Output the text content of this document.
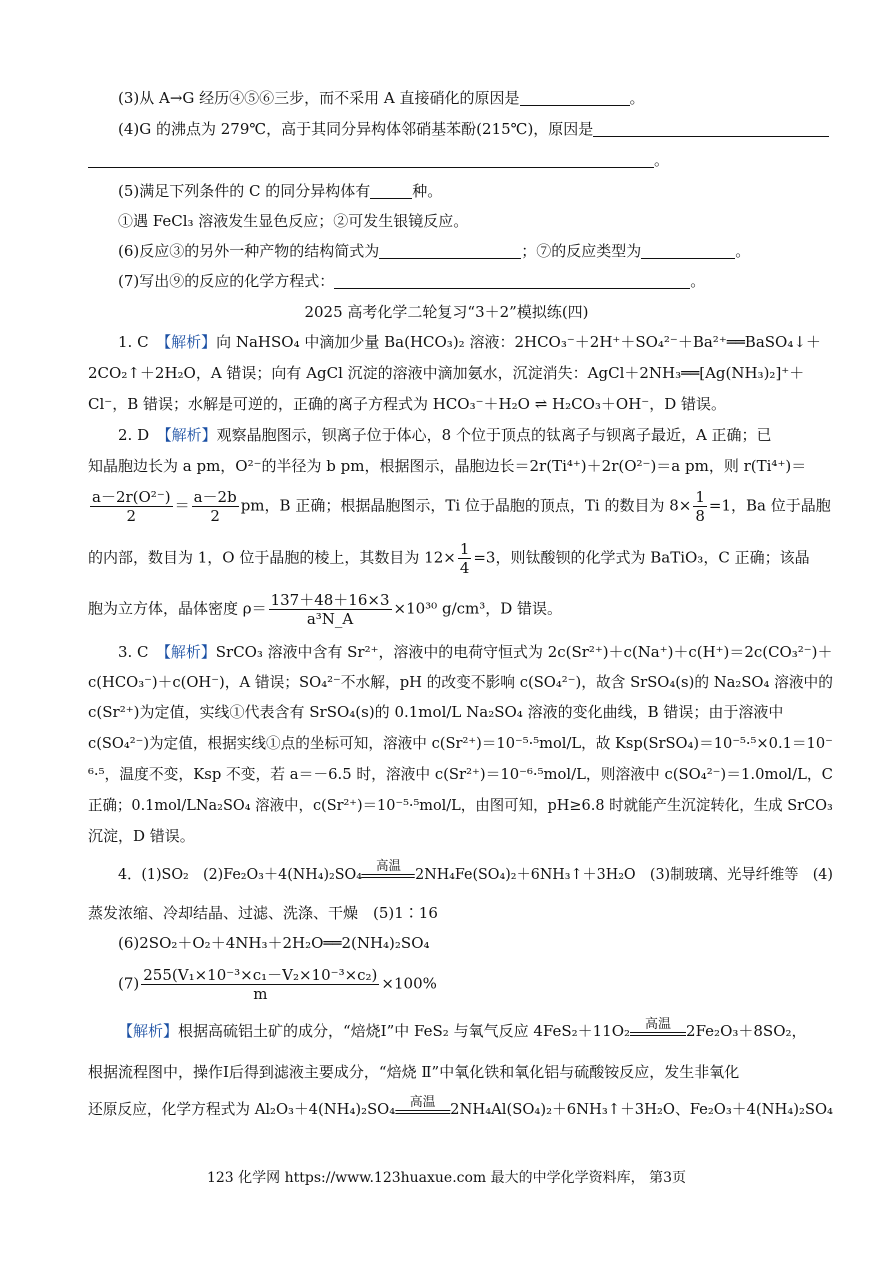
(3)从 A→G 经历④⑤⑥三步，而不采用 A 直接硝化的原因是	。
(4)G 的沸点为 279℃，高于其同分异构体邻硝基苯酚(215℃)，原因是
。
(5)满足下列条件的 C 的同分异构体有	种。
①遇 FeCl₃ 溶液发生显色反应；②可发生银镜反应。
(6)反应③的另外一种产物的结构简式为	；⑦的反应类型为	。
(7)写出⑨的反应的化学方程式：	。
2025 高考化学二轮复习“3＋2”模拟练(四)
1. C　 【解析】向 NaHSO₄ 中滴加少量 Ba(HCO₃)₂ 溶液：2HCO₃⁻＋2H⁺＋SO₄²⁻＋Ba²⁺══BaSO₄↓＋
2CO₂↑＋2H₂O，A 错误；向有 AgCl 沉淀的溶液中滴加氨水，沉淀消失：AgCl＋2NH₃══[Ag(NH₃)₂]⁺＋
Cl⁻，B 错误；水解是可逆的，正确的离子方程式为 HCO₃⁻＋H₂O ⇌ H₂CO₃＋OH⁻，D 错误。
2. D　 【解析】观察晶胞图示，钡离子位于体心，8 个位于顶点的钛离子与钡离子最近，A 正确；已
知晶胞边长为 a pm，O²⁻的半径为 b pm，根据图示，晶胞边长＝2r(Ti⁴⁺)＋2r(O²⁻)＝a pm，则 r(Ti⁴⁺)＝
$\frac{\text{a－2r(O²⁻)}}{2} = \frac{a-2b}{2}$ pm，B 正确；根据晶胞图示，Ti 位于晶胞的顶点，Ti 的数目为 $8\times \frac{1}{8} =1$，Ba 位于晶胞
的内部，数目为 1，O 位于晶胞的棱上，其数目为 $12\times \frac{1}{4} =3$，则钛酸钡的化学式为 BaTiO₃，C 正确；该晶
胞为立方体，晶体密度 $\rho= \frac{137+48+16\times 3}{\text{a³N\_A}} \times 10^{30}$ g/cm³，D 错误。
3. C　 【解析】SrCO₃ 溶液中含有 Sr²⁺，溶液中的电荷守恒式为 2c(Sr²⁺)＋c(Na⁺)＋c(H⁺)＝2c(CO₃²⁻)＋
c(HCO₃⁻)＋c(OH⁻)，A 错误；SO₄²⁻不水解，pH 的改变不影响 c(SO₄²⁻)，故含 SrSO₄(s)的 Na₂SO₄ 溶液中的
c(Sr²⁺)为定值，实线①代表含有 SrSO₄(s)的 0.1mol/L Na₂SO₄ 溶液的变化曲线，B 错误；由于溶液中
c(SO₄²⁻)为定值，根据实线①点的坐标可知，溶液中 c(Sr²⁺)＝10⁻⁵·⁵mol/L，故 Ksp(SrSO₄)＝10⁻⁵·⁵×0.1＝10⁻
⁶·⁵，温度不变，Ksp 不变，若 a＝－6.5 时，溶液中 c(Sr²⁺)＝10⁻⁶·⁵mol/L，则溶液中 c(SO₄²⁻)＝1.0mol/L，C
正确；0.1mol/LNa₂SO₄ 溶液中，c(Sr²⁺)＝10⁻⁵·⁵mol/L，由图可知，pH≥6.8 时就能产生沉淀转化，生成 SrCO₃
沉淀，D 错误。
4．(1)SO₂　(2)Fe₂O₃＋4(NH₄)₂SO₄	高温 2NH₄Fe(SO₄)₂＋6NH₃↑＋3H₂O　(3)制玻璃、光导纤维等　(4)
蒸发浓缩、冷却结晶、过滤、洗涤、干燥　(5)1∶16
(6)2SO₂＋O₂＋4NH₃＋2H₂O══2(NH₄)₂SO₄
$(7) \frac{\text{255(V₁×10⁻³×c₁－V₂×10⁻³×c₂)}}{m} \times 100\%$
【解析】根据高硫铝土矿的成分，“焙烧Ⅰ”中 FeS₂ 与氧气反应 4FeS₂＋11O₂	高温	2Fe₂O₃＋8SO₂，
根据流程图中，操作Ⅰ后得到滤液主要成分，“焙烧 Ⅱ”中氧化铁和氧化铝与硫酸铵反应，发生非氧化
还原反应，化学方程式为 Al₂O₃＋4(NH₄)₂SO₄	高温 2NH₄Al(SO₄)₂＋6NH₃↑＋3H₂O、Fe₂O₃＋4(NH₄)₂SO₄
123 化学网 https://www.123huaxue.com 最大的中学化学资料库， 第3页
